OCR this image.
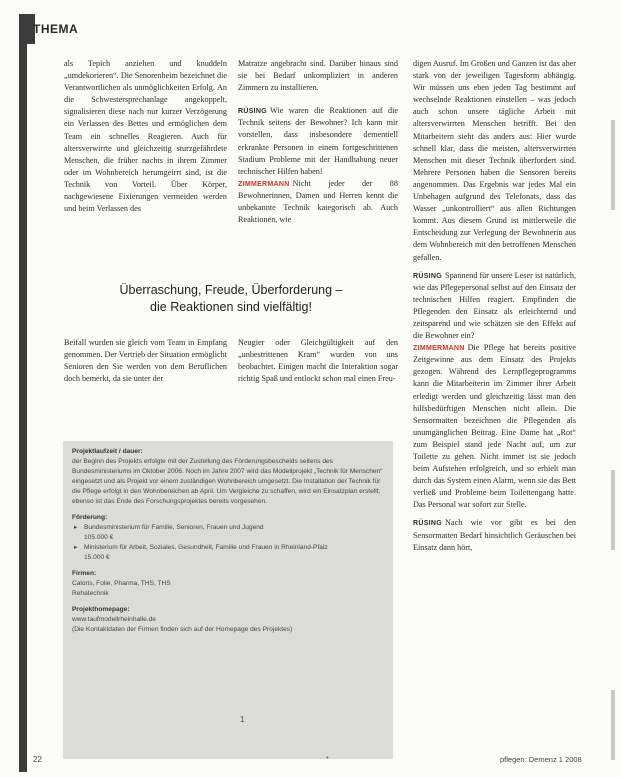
THEMA

als Tepich anziehen und knuddeln „umdekorieren“. Die Senorenheim bezeichnet die Verantwortlichen als unmöglichkeiten Erfolg. An die Schwestersprechanlage angekoppelt, signalisieren diese nach nur kurzer Verzögerung ein Verlassen des Bettes und ermöglichen dem Team ein schnelles Reagieren. Auch für altersverwirrte und gleichzeitig sturzgefährdete Menschen, die früher nachts in ihrem Zimmer oder im Wohnbereich herumgeirrt sind, ist die Technik von Vorteil. Über Körper, nachgewiesene Fixierungen vermeiden werden und beim Verlassen des

Matratze angebracht sind. Darüber hinaus sind sie bei Bedarf unkompliziert in anderen Zimmern zu installieren.

RÜSING Wie waren die Reaktionen auf die Technik seitens der Bewohner? Ich kann mir vorstellen, dass insbesondere dementiell erkrankte Personen in einem fortgeschrittenen Stadium Probleme mit der Handhabung neuer technischer Hilfen haben!

ZIMMERMANN Nicht jeder der 88 Bewohnerinnen, Damen und Herren kennt die unbekannte Technik kategorisch ab. Auch Reaktionen, wie

Überraschung, Freude, Überforderung –
die Reaktionen sind vielfältig!

Beifall wurden sie gleich vom Team in Empfang genommen. Der Vertrieb der Situation ermöglicht Senioren den Sie werden von dem Beruflichen doch bemerkt, da sie unter der

Neugier oder Gleichgültigkeit auf den „unbestrittenen Kram“ wurden von uns beobachtet. Einigen macht die Interaktion sogar richtig Spaß und entlockt schon mal einen Freu-

digen Ausruf. Im Großen und Ganzen ist das aber stark von der jeweiligen Tagesform abhängig. Wir müssen uns eben jeden Tag bestimmt auf wechselnde Reaktionen einstellen – was jedoch auch schon unsere tägliche Arbeit mit altersverwirrten Menschen betrifft. Bei den Mitarbeitern sieht das anders aus: Hier wurde schnell klar, dass die meisten, altersverwirrten Menschen mit dieser Technik überfordert sind. Mehrere Personen haben die Sensoren bereits angenommen. Das Ergebnis war jedes Mal ein Unbehagen aufgrund des Telefonats, dass das Wasser „unkontrolliert“ aus allen Richtungen kommt. Aus diesem Grund ist mittlerweile die Entscheidung zur Verlegung der Bewohnerin aus dem Wohnbereich mit den betroffenen Menschen gefallen.

RÜSING Spannend für unsere Leser ist natürlich, wie das Pflegepersonal selbst auf den Einsatz der technischen Hilfen reagiert. Empfinden die Pflegenden den Einsatz als erleichternd und zeitsparend und wie schätzen sie den Effekt auf die Bewohner ein?

ZIMMERMANN Die Pflege hat bereits positive Zeitgewinne aus dem Einsatz des Projekts gezogen. Während des Lernpflegeprogramms kann die Mitarbeiterin im Zimmer ihrer Arbeit erledigt werden und gleichzeitig lässt man den hilfsbedürftigen Menschen nicht allein. Die Sensormatten bezeichnen die Pflegenden als unumgänglichen Beitrag. Eine Dame hat „Rot“ zum Beispiel stand jede Nacht auf, um zur Toilette zu gehen. Nicht immer ist sie jedoch beim Aufstehen erfolgreich, und so erhielt man durch das System einen Alarm, wenn sie das Bett verließ und Probleme beim Toilettengang hatte. Das Personal war sofort zur Stelle.

RÜSING Nach wie vor gibt es bei den Sensormatten Bedarf hinsichtlich Geräuschen bei Einsatz dann hört,

Projektlaufzeit / dauer:
der Beginn des Projekts erfolgte mit der Zustellung des Förderungsbescheids seitens des Bundesministeriums im Oktober 2006. Noch im Jahre 2007 wird das Modellprojekt „Technik für Menschen“ eingesetzt und als Projekt vor einem zuständigen Wohnbereich umgesetzt. Die Installation der Technik für die Pflege erfolgt in den Wohnbereichen ab April. Um Vergleiche zu schaffen, wird ein Einsatzplan erstellt; ebenso ist das Ende des Forschungsprojektes bereits vorgesehen.
Förderung:
▸ Bundesministerium für Familie, Senioren, Frauen und Jugend
105.000 €
▸ Ministerium für Arbeit, Soziales, Gesundheit, Familie und Frauen in Rheinland-Pfalz
15.000 €
Firmen:
Caloris, Folie, Pharma, THS, THS
Rehatechnik
Projekthomepage:
www.taufmodellrheinhalle.de
(Die Kontaktdaten der Firmen finden sich auf der Homepage des Projektes)
1
22	•	pflegen: Demenz 1 2008
